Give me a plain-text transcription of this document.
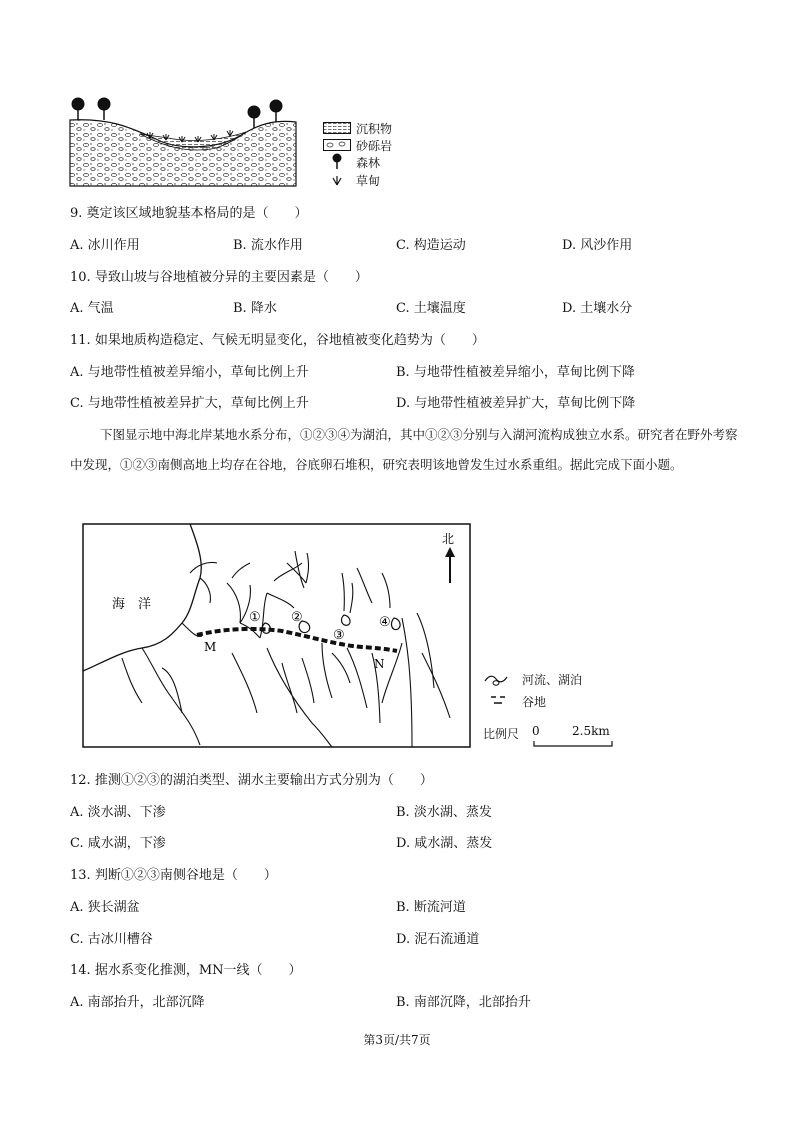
沉积物
砂砾岩
森林
草甸
9. 奠定该区域地貌基本格局的是（　　）
A. 冰川作用	B. 流水作用	C. 构造运动	D. 风沙作用
10. 导致山坡与谷地植被分异的主要因素是（　　）
A. 气温	B. 降水	C. 土壤温度	D. 土壤水分
11. 如果地质构造稳定、气候无明显变化，谷地植被变化趋势为（　　）
A. 与地带性植被差异缩小，草甸比例上升	B. 与地带性植被差异缩小，草甸比例下降
C. 与地带性植被差异扩大，草甸比例上升	D. 与地带性植被差异扩大，草甸比例下降
下图显示地中海北岸某地水系分布，①②③④为湖泊，其中①②③分别与入湖河流构成独立水系。研究者在野外考察中发现，①②③南侧高地上均存在谷地，谷底卵石堆积，研究表明该地曾发生过水系重组。据此完成下面小题。
北
海　洋
M
N
① ②
③
④
河流、湖泊
谷地
比例尺 0	2.5km
12. 推测①②③的湖泊类型、湖水主要输出方式分别为（　　）
A. 淡水湖、下渗	B. 淡水湖、蒸发
C. 咸水湖，下渗	D. 咸水湖、蒸发
13. 判断①②③南侧谷地是（　　）
A. 狭长湖盆	B. 断流河道
C. 古冰川槽谷	D. 泥石流通道
14. 据水系变化推测，MN一线（　　）
A. 南部抬升，北部沉降	B. 南部沉降，北部抬升
第3页/共7页
